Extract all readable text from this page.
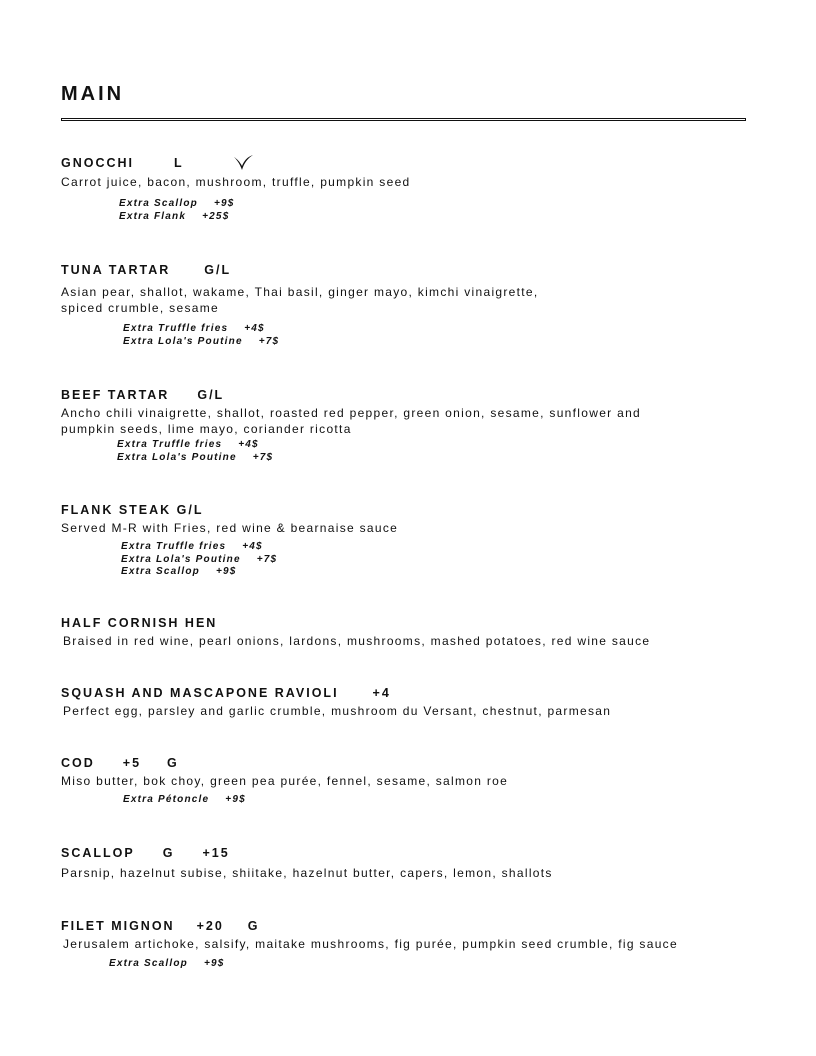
MAIN
GNOCCHI	L
Carrot juice, bacon, mushroom, truffle, pumpkin seed
Extra Scallop +9$
Extra Flank +25$
TUNA TARTAR	G/L
Asian pear, shallot, wakame, Thai basil, ginger mayo, kimchi vinaigrette,
spiced crumble, sesame
Extra Truffle fries +4$
Extra Lola's Poutine +7$
BEEF TARTAR G/L
Ancho chili vinaigrette, shallot, roasted red pepper, green onion, sesame, sunflower and
pumpkin seeds, lime mayo, coriander ricotta
Extra Truffle fries +4$
Extra Lola's Poutine +7$
FLANK STEAK G/L
Served M-R with Fries, red wine & bearnaise sauce
Extra Truffle fries +4$
Extra Lola's Poutine +7$
Extra Scallop +9$
HALF CORNISH HEN
Braised in red wine, pearl onions, lardons, mushrooms, mashed potatoes, red wine sauce
SQUASH AND MASCAPONE RAVIOLI	+4
Perfect egg, parsley and garlic crumble, mushroom du Versant, chestnut, parmesan
COD +5 G
Miso butter, bok choy, green pea purée, fennel, sesame, salmon roe
Extra Pétoncle +9$
SCALLOP G +15
Parsnip, hazelnut subise, shiitake, hazelnut butter, capers, lemon, shallots
FILET MIGNON +20 G
Jerusalem artichoke, salsify, maitake mushrooms, fig purée, pumpkin seed crumble, fig sauce
Extra Scallop +9$
